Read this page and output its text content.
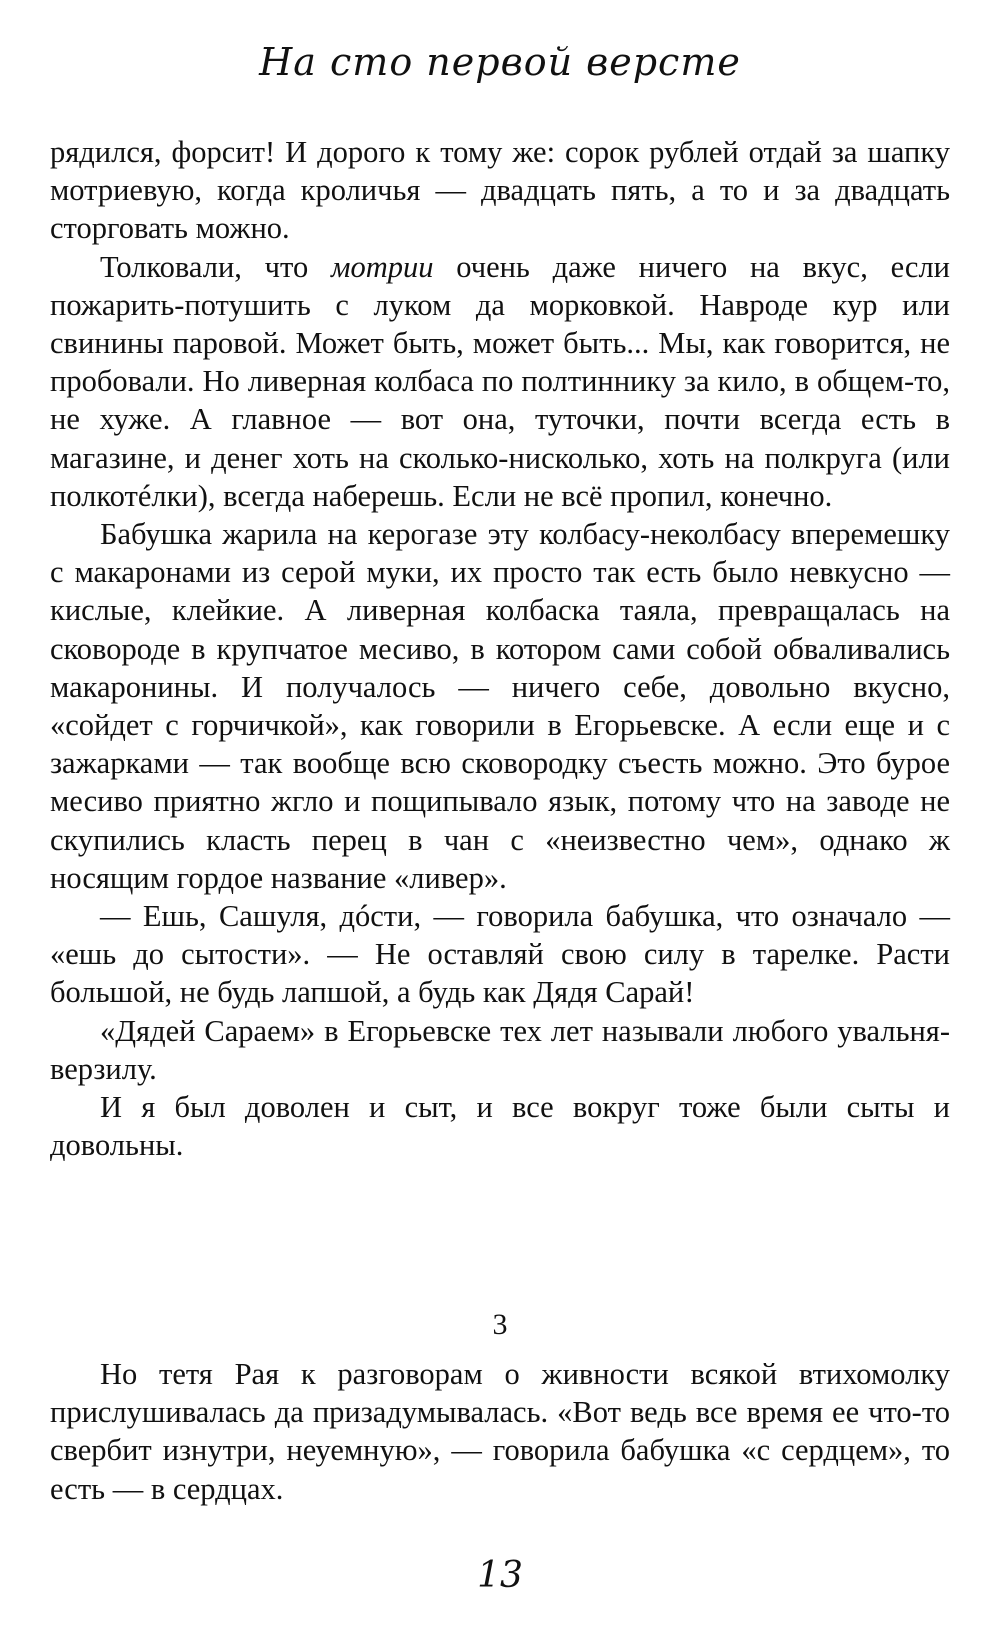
На сто первой версте

рядился, форсит! И дорого к тому же: сорок рублей отдай за шапку мотриевую, когда кроличья — двадцать пять, а то и за двадцать сторговать можно.

Толковали, что мотрии очень даже ничего на вкус, если пожарить-потушить с луком да морковкой. Навроде кур или свинины паровой. Может быть, может быть... Мы, как говорится, не пробовали. Но ливерная колбаса по полтиннику за кило, в общем-то, не хуже. А главное — вот она, туточки, почти всегда есть в магазине, и денег хоть на сколько-нисколько, хоть на полкруга (или полкотéлки), всегда наберешь. Если не всё пропил, конечно.

Бабушка жарила на керогазе эту колбасу-неколбасу вперемешку с макаронами из серой муки, их просто так есть было невкусно — кислые, клейкие. А ливерная колбаска таяла, превращалась на сковороде в крупчатое месиво, в котором сами собой обваливались макаронины. И получалось — ничего себе, довольно вкусно, «сойдет с горчичкой», как говорили в Егорьевске. А если еще и с зажарками — так вообще всю сковородку съесть можно. Это бурое месиво приятно жгло и пощипывало язык, потому что на заводе не скупились класть перец в чан с «неизвестно чем», однако ж носящим гордое название «ливер».

— Ешь, Сашуля, дóсти, — говорила бабушка, что означало — «ешь до сытости». — Не оставляй свою силу в тарелке. Расти большой, не будь лапшой, а будь как Дядя Сарай!

«Дядей Сараем» в Егорьевске тех лет называли любого увальня-верзилу.

И я был доволен и сыт, и все вокруг тоже были сыты и довольны.

3

Но тетя Рая к разговорам о живности всякой втихомолку прислушивалась да призадумывалась. «Вот ведь все время ее что-то свербит изнутри, неуемную», — говорила бабушка «с сердцем», то есть — в сердцах.

13
